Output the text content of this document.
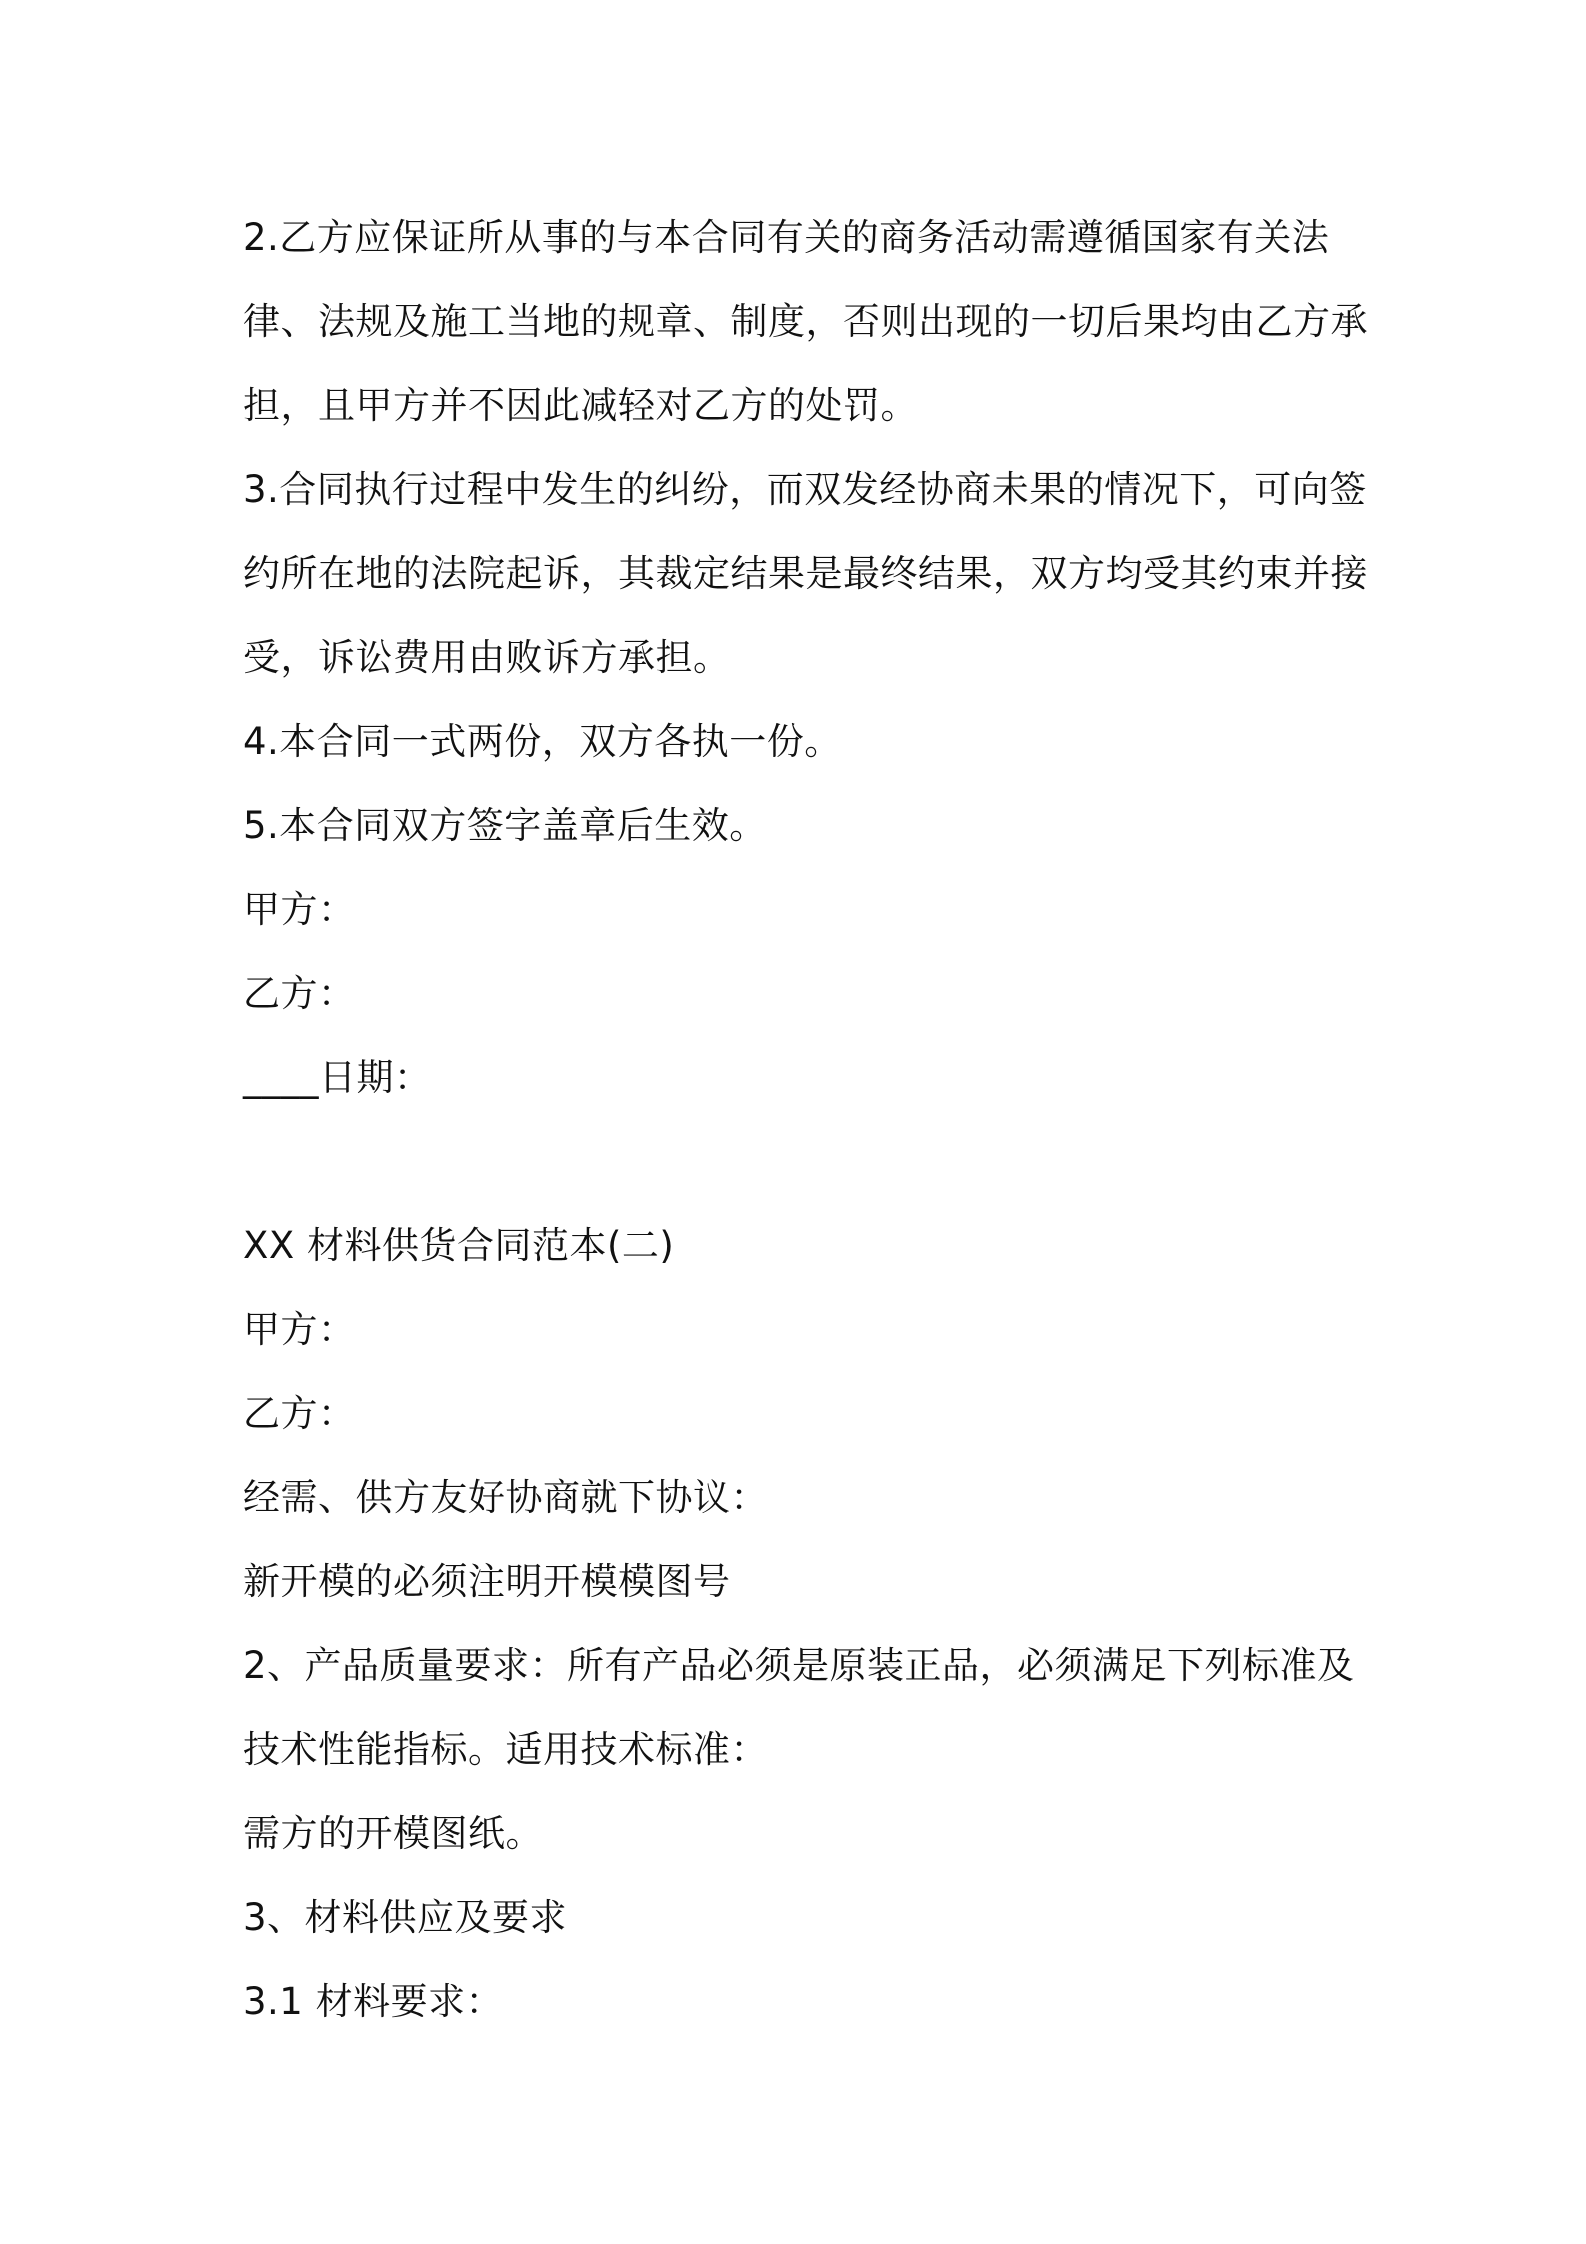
2.乙方应保证所从事的与本合同有关的商务活动需遵循国家有关法
律、法规及施工当地的规章、制度，否则出现的一切后果均由乙方承
担，且甲方并不因此减轻对乙方的处罚。
3.合同执行过程中发生的纠纷，而双发经协商未果的情况下，可向签
约所在地的法院起诉，其裁定结果是最终结果，双方均受其约束并接
受，诉讼费用由败诉方承担。
4.本合同一式两份，双方各执一份。
5.本合同双方签字盖章后生效。
甲方：
乙方：
____日期：
XX 材料供货合同范本(二)
甲方：
乙方：
经需、供方友好协商就下协议：
新开模的必须注明开模模图号
2、产品质量要求：所有产品必须是原装正品，必须满足下列标准及
技术性能指标。适用技术标准：
需方的开模图纸。
3、材料供应及要求
3.1 材料要求：
